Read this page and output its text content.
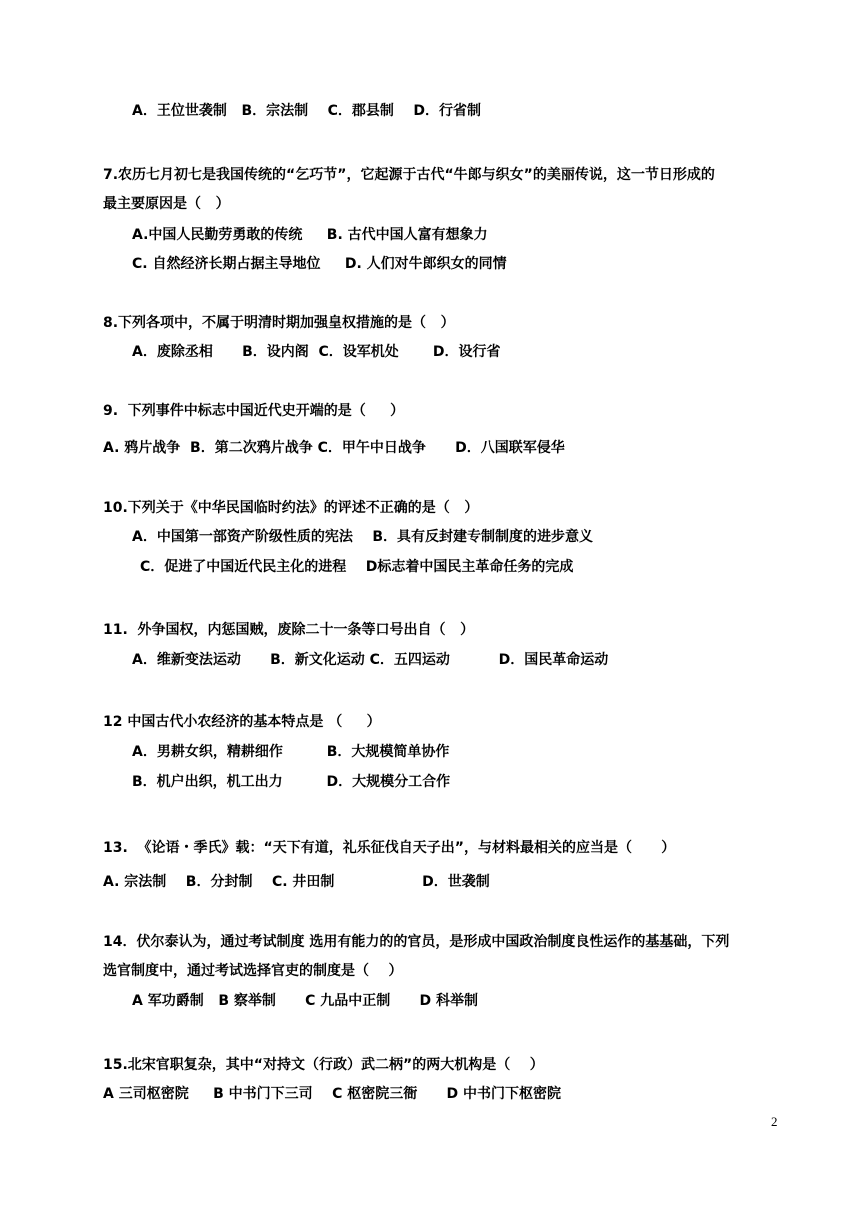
A．王位世袭制   B．宗法制    C．郡县制    D．行省制
7.农历七月初七是我国传统的“乞巧节”，它起源于古代“牛郎与织女”的美丽传说，这一节日形成的
最主要原因是（   ）
A.中国人民勤劳勇敢的传统     B. 古代中国人富有想象力
C. 自然经济长期占据主导地位     D. 人们对牛郎织女的同情
8.下列各项中，不属于明清时期加强皇权措施的是（   ）
A．废除丞相      B．设内阁  C．设军机处       D．设行省
9.  下列事件中标志中国近代史开端的是（     ）
A. 鸦片战争  B．第二次鸦片战争 C．甲午中日战争      D．八国联军侵华
10.下列关于《中华民国临时约法》的评述不正确的是（   ）
A．中国第一部资产阶级性质的宪法    B．具有反封建专制制度的进步意义
C．促进了中国近代民主化的进程    D标志着中国民主革命任务的完成
11.  外争国权，内惩国贼，废除二十一条等口号出自（   ）
A．维新变法运动      B．新文化运动 C．五四运动          D．国民革命运动
12 中国古代小农经济的基本特点是 （     ）
A．男耕女织，精耕细作         B．大规模简单协作
B．机户出织，机工出力         D．大规模分工合作
13.  《论语・季氏》载：“天下有道，礼乐征伐自天子出”，与材料最相关的应当是（      ）
A. 宗法制    B．分封制    C. 井田制                  D．世袭制
14．伏尔泰认为，通过考试制度 选用有能力的的官员，是形成中国政治制度良性运作的基基础，下列
选官制度中，通过考试选择官吏的制度是（    ）
A 军功爵制   B 察举制      C 九品中正制      D 科举制
15.北宋官职复杂，其中“对持文（行政）武二柄”的两大机构是（    ）
A 三司枢密院     B 中书门下三司    C 枢密院三衙      D 中书门下枢密院
2
